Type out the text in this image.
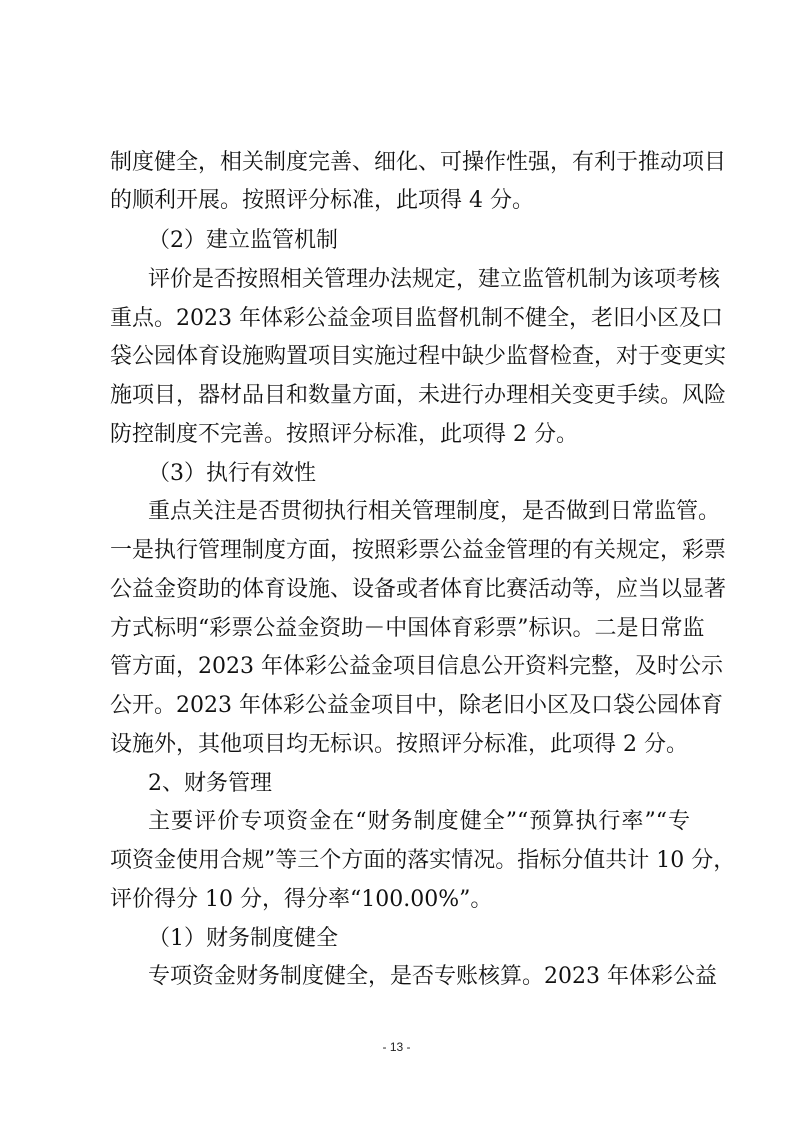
制度健全，相关制度完善、细化、可操作性强，有利于推动项目
的顺利开展。按照评分标准，此项得 4 分。
（2）建立监管机制
评价是否按照相关管理办法规定，建立监管机制为该项考核
重点。2023 年体彩公益金项目监督机制不健全，老旧小区及口
袋公园体育设施购置项目实施过程中缺少监督检查，对于变更实
施项目，器材品目和数量方面，未进行办理相关变更手续。风险
防控制度不完善。按照评分标准，此项得 2 分。
（3）执行有效性
重点关注是否贯彻执行相关管理制度，是否做到日常监管。
一是执行管理制度方面，按照彩票公益金管理的有关规定，彩票
公益金资助的体育设施、设备或者体育比赛活动等，应当以显著
方式标明“彩票公益金资助－中国体育彩票”标识。二是日常监
管方面，2023 年体彩公益金项目信息公开资料完整，及时公示
公开。2023 年体彩公益金项目中，除老旧小区及口袋公园体育
设施外，其他项目均无标识。按照评分标准，此项得 2 分。
2、财务管理
主要评价专项资金在“财务制度健全”“预算执行率”“专
项资金使用合规”等三个方面的落实情况。指标分值共计 10 分，
评价得分 10 分，得分率“100.00%”。
（1）财务制度健全
专项资金财务制度健全，是否专账核算。2023 年体彩公益
- 13 -
